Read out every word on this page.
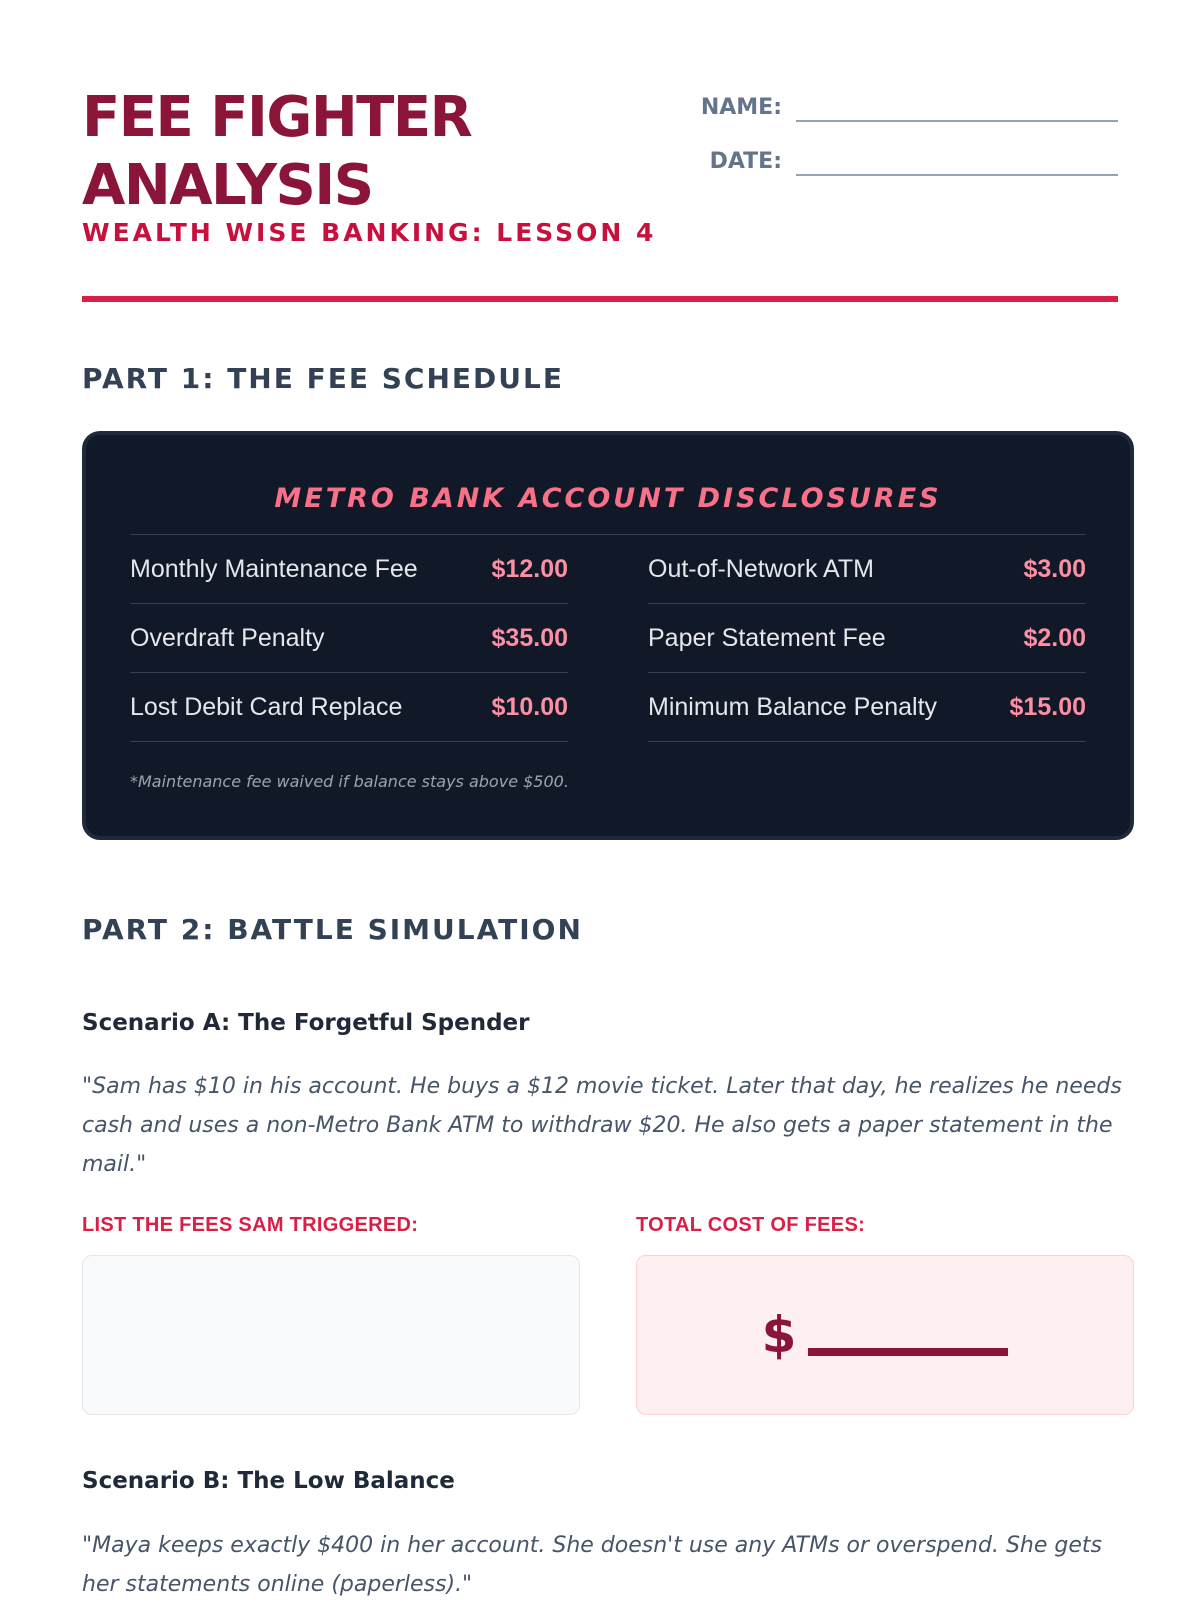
FEE FIGHTER ANALYSIS
WEALTH WISE BANKING: LESSON 4
NAME:
DATE:
PART 1: THE FEE SCHEDULE
METRO BANK ACCOUNT DISCLOSURES
Monthly Maintenance Fee	$12.00
Overdraft Penalty	$35.00
Lost Debit Card Replace	$10.00
Out-of-Network ATM	$3.00
Paper Statement Fee	$2.00
Minimum Balance Penalty	$15.00
*Maintenance fee waived if balance stays above $500.
PART 2: BATTLE SIMULATION
Scenario A: The Forgetful Spender

"Sam has $10 in his account. He buys a $12 movie ticket. Later that day, he realizes he needs cash and uses a non-Metro Bank ATM to withdraw $20. He also gets a paper statement in the mail."

LIST THE FEES SAM TRIGGERED:	TOTAL COST OF FEES:
$
Scenario B: The Low Balance

"Maya keeps exactly $400 in her account. She doesn't use any ATMs or overspend. She gets her statements online (paperless)."
